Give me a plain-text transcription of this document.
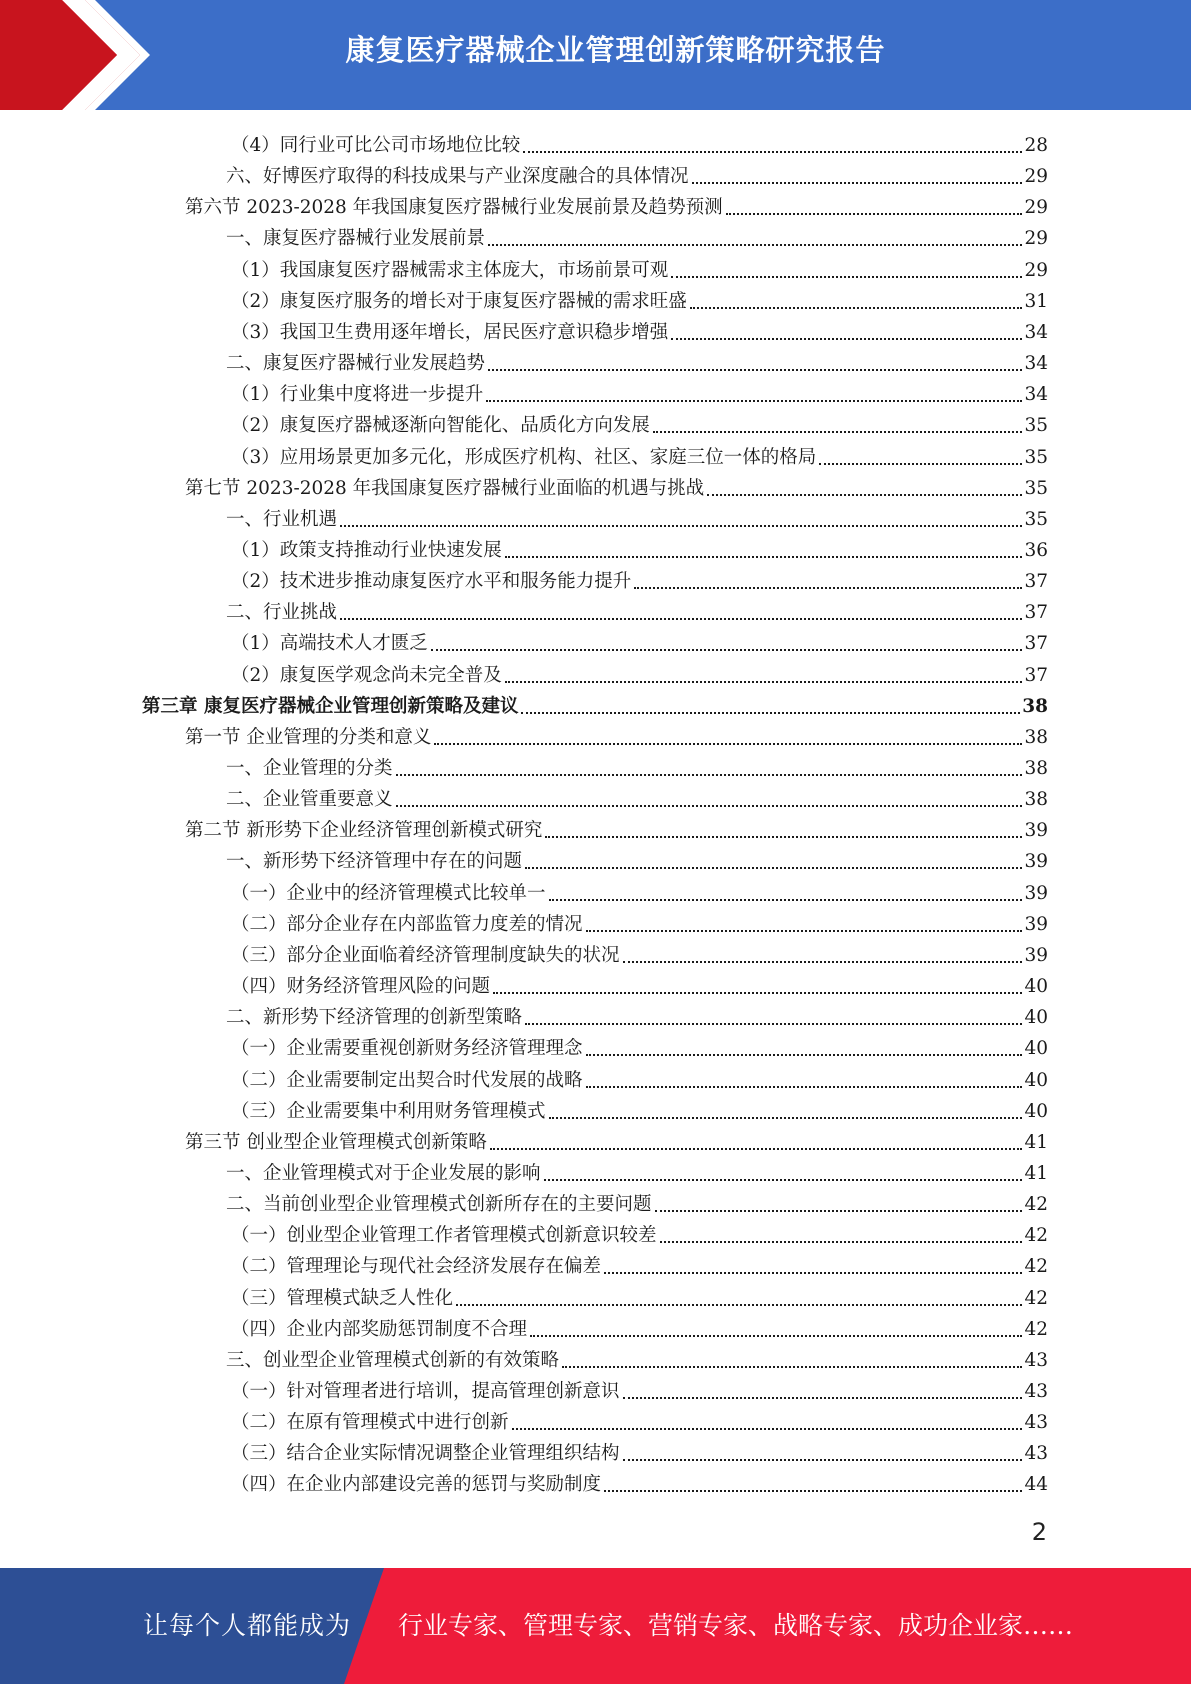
康复医疗器械企业管理创新策略研究报告
（4）同行业可比公司市场地位比较	28
六、好博医疗取得的科技成果与产业深度融合的具体情况	29
第六节 2023-2028 年我国康复医疗器械行业发展前景及趋势预测	29
一、康复医疗器械行业发展前景	29
（1）我国康复医疗器械需求主体庞大，市场前景可观	29
（2）康复医疗服务的增长对于康复医疗器械的需求旺盛	31
（3）我国卫生费用逐年增长，居民医疗意识稳步增强	34
二、康复医疗器械行业发展趋势	34
（1）行业集中度将进一步提升	34
（2）康复医疗器械逐渐向智能化、品质化方向发展	35
（3）应用场景更加多元化，形成医疗机构、社区、家庭三位一体的格局	35
第七节 2023-2028 年我国康复医疗器械行业面临的机遇与挑战	35
一、行业机遇	35
（1）政策支持推动行业快速发展	36
（2）技术进步推动康复医疗水平和服务能力提升	37
二、行业挑战	37
（1）高端技术人才匮乏	37
（2）康复医学观念尚未完全普及	37
第三章 康复医疗器械企业管理创新策略及建议	38
第一节 企业管理的分类和意义	38
一、企业管理的分类	38
二、企业管重要意义	38
第二节 新形势下企业经济管理创新模式研究	39
一、新形势下经济管理中存在的问题	39
（一）企业中的经济管理模式比较单一	39
（二）部分企业存在内部监管力度差的情况	39
（三）部分企业面临着经济管理制度缺失的状况	39
（四）财务经济管理风险的问题	40
二、新形势下经济管理的创新型策略	40
（一）企业需要重视创新财务经济管理理念	40
（二）企业需要制定出契合时代发展的战略	40
（三）企业需要集中利用财务管理模式	40
第三节 创业型企业管理模式创新策略	41
一、企业管理模式对于企业发展的影响	41
二、当前创业型企业管理模式创新所存在的主要问题	42
（一）创业型企业管理工作者管理模式创新意识较差	42
（二）管理理论与现代社会经济发展存在偏差	42
（三）管理模式缺乏人性化	42
（四）企业内部奖励惩罚制度不合理	42
三、创业型企业管理模式创新的有效策略	43
（一）针对管理者进行培训，提高管理创新意识	43
（二）在原有管理模式中进行创新	43
（三）结合企业实际情况调整企业管理组织结构	43
（四）在企业内部建设完善的惩罚与奖励制度	44
2
让每个人都能成为 行业专家、管理专家、营销专家、战略专家、成功企业家……
